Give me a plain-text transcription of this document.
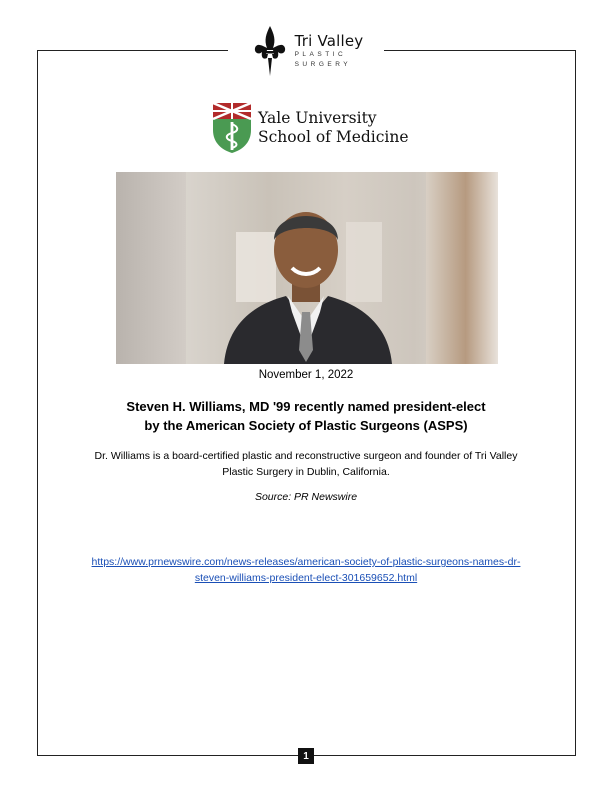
Tri Valley
PLASTIC
SURGERY
Yale University
School of Medicine
November 1, 2022
Steven H. Williams, MD '99 recently named president-elect by the American Society of Plastic Surgeons (ASPS)
Dr. Williams is a board-certified plastic and reconstructive surgeon and founder of Tri Valley Plastic Surgery in Dublin, California.
Source: PR Newswire
https://www.prnewswire.com/news-releases/american-society-of-plastic-surgeons-names-dr-steven-williams-president-elect-301659652.html
1
